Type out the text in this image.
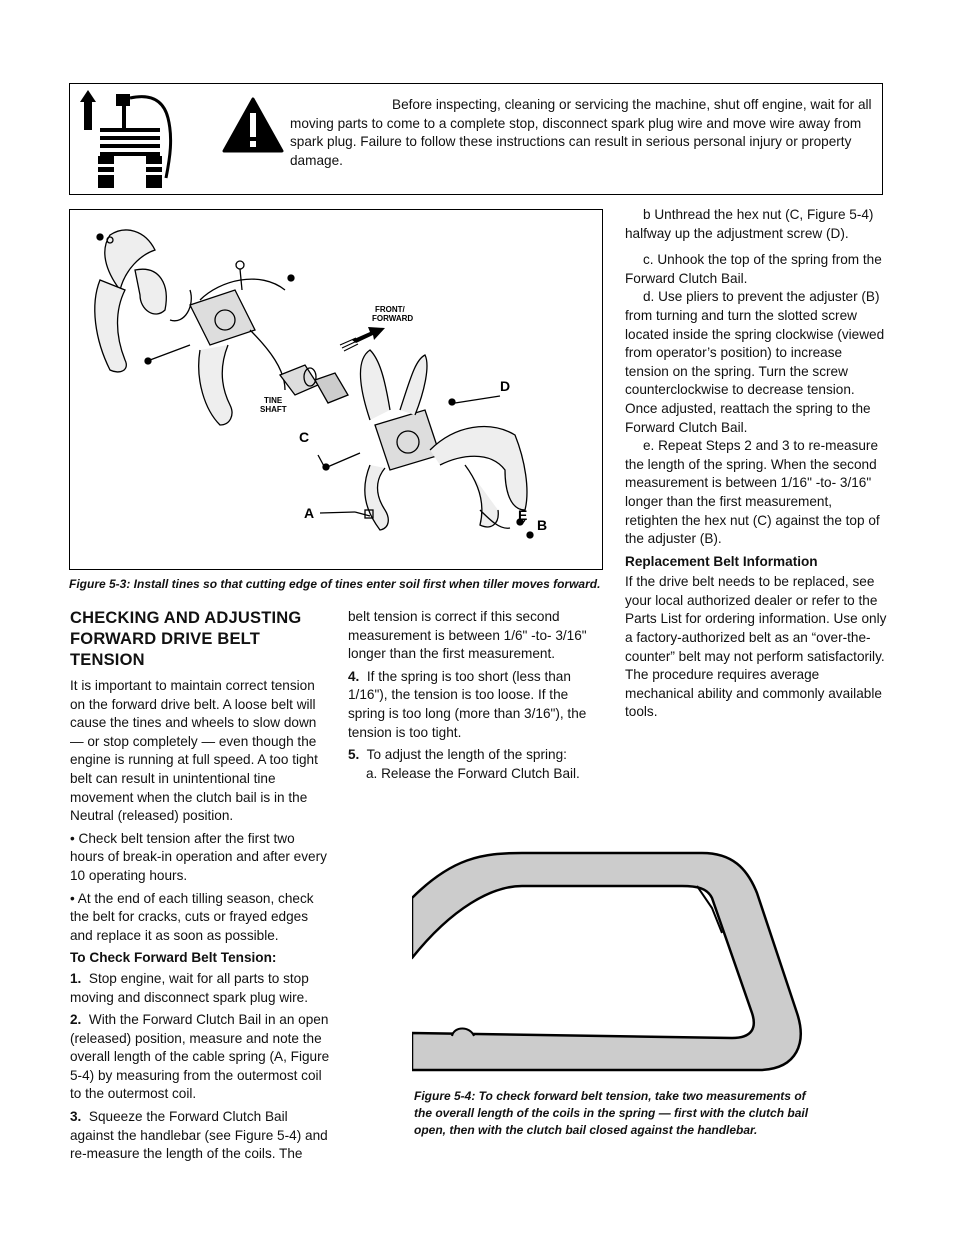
Before inspecting, cleaning or servicing the machine, shut off engine, wait for all moving parts to come to a complete stop, disconnect spark plug wire and move wire away from spark plug. Failure to follow these instructions can result in serious personal injury or property damage.

FRONT/
FORWARD
TINE
SHAFT
D
C
A	E
B

Figure 5-3: Install tines so that cutting edge of tines enter soil first when tiller moves forward.

CHECKING AND ADJUSTING
FORWARD DRIVE BELT TENSION

It is important to maintain correct tension on the forward drive belt. A loose belt will cause the tines and wheels to slow down — or stop completely — even though the engine is running at full speed. A too tight belt can result in unintentional tine movement when the clutch bail is in the Neutral (released) position.

• Check belt tension after the first two hours of break-in operation and after every 10 operating hours.

• At the end of each tilling season, check the belt for cracks, cuts or frayed edges and replace it as soon as possible.

To Check Forward Belt Tension:

1. Stop engine, wait for all parts to stop moving and disconnect spark plug wire.

2. With the Forward Clutch Bail in an open (released) position, measure and note the overall length of the cable spring (A, Figure 5-4) by measuring from the outermost coil to the outermost coil.

3. Squeeze the Forward Clutch Bail against the handlebar (see Figure 5-4) and re-measure the length of the coils. The

belt tension is correct if this second measurement is between 1/6" -to- 3/16" longer than the first measurement.

4. If the spring is too short (less than 1/16"), the tension is too loose. If the spring is too long (more than 3/16"), the tension is too tight.

5. To adjust the length of the spring:

a. Release the Forward Clutch Bail.

b Unthread the hex nut (C, Figure 5-4) halfway up the adjustment screw (D).

c. Unhook the top of the spring from the Forward Clutch Bail.

d. Use pliers to prevent the adjuster (B) from turning and turn the slotted screw located inside the spring clockwise (viewed from operator’s position) to increase tension on the spring. Turn the screw counterclockwise to decrease tension. Once adjusted, reattach the spring to the Forward Clutch Bail.

e. Repeat Steps 2 and 3 to re-measure the length of the spring. When the second measurement is between 1/16" -to- 3/16" longer than the first measurement, retighten the hex nut (C) against the top of the adjuster (B).

Replacement Belt Information

If the drive belt needs to be replaced, see your local authorized dealer or refer to the Parts List for ordering information. Use only a factory-authorized belt as an “over-the-counter” belt may not perform satisfactorily. The procedure requires average mechanical ability and commonly available tools.

Figure 5-4: To check forward belt tension, take two measurements of the overall length of the coils in the spring — first with the clutch bail open, then with the clutch bail closed against the handlebar.
